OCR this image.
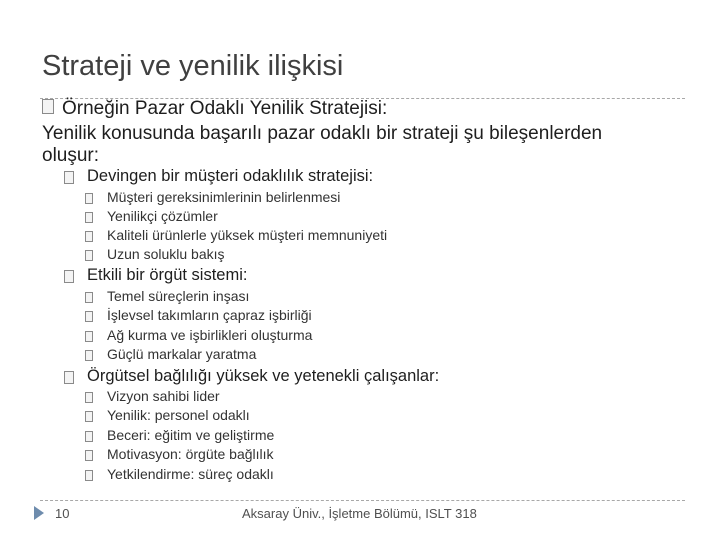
Strateji ve yenilik ilişkisi
Örneğin Pazar Odaklı Yenilik Stratejisi:
Yenilik konusunda başarılı pazar odaklı bir strateji şu bileşenlerden
oluşur:
Devingen bir müşteri odaklılık stratejisi:
Müşteri gereksinimlerinin belirlenmesi
Yenilikçi çözümler
Kaliteli ürünlerle yüksek müşteri memnuniyeti
Uzun soluklu bakış
Etkili bir örgüt sistemi:
Temel süreçlerin inşası
İşlevsel takımların çapraz işbirliği
Ağ kurma ve işbirlikleri oluşturma
Güçlü markalar yaratma
Örgütsel bağlılığı yüksek ve yetenekli çalışanlar:
Vizyon sahibi lider
Yenilik: personel odaklı
Beceri: eğitim ve geliştirme
Motivasyon: örgüte bağlılık
Yetkilendirme: süreç odaklı
10	Aksaray Üniv., İşletme Bölümü, ISLT 318
